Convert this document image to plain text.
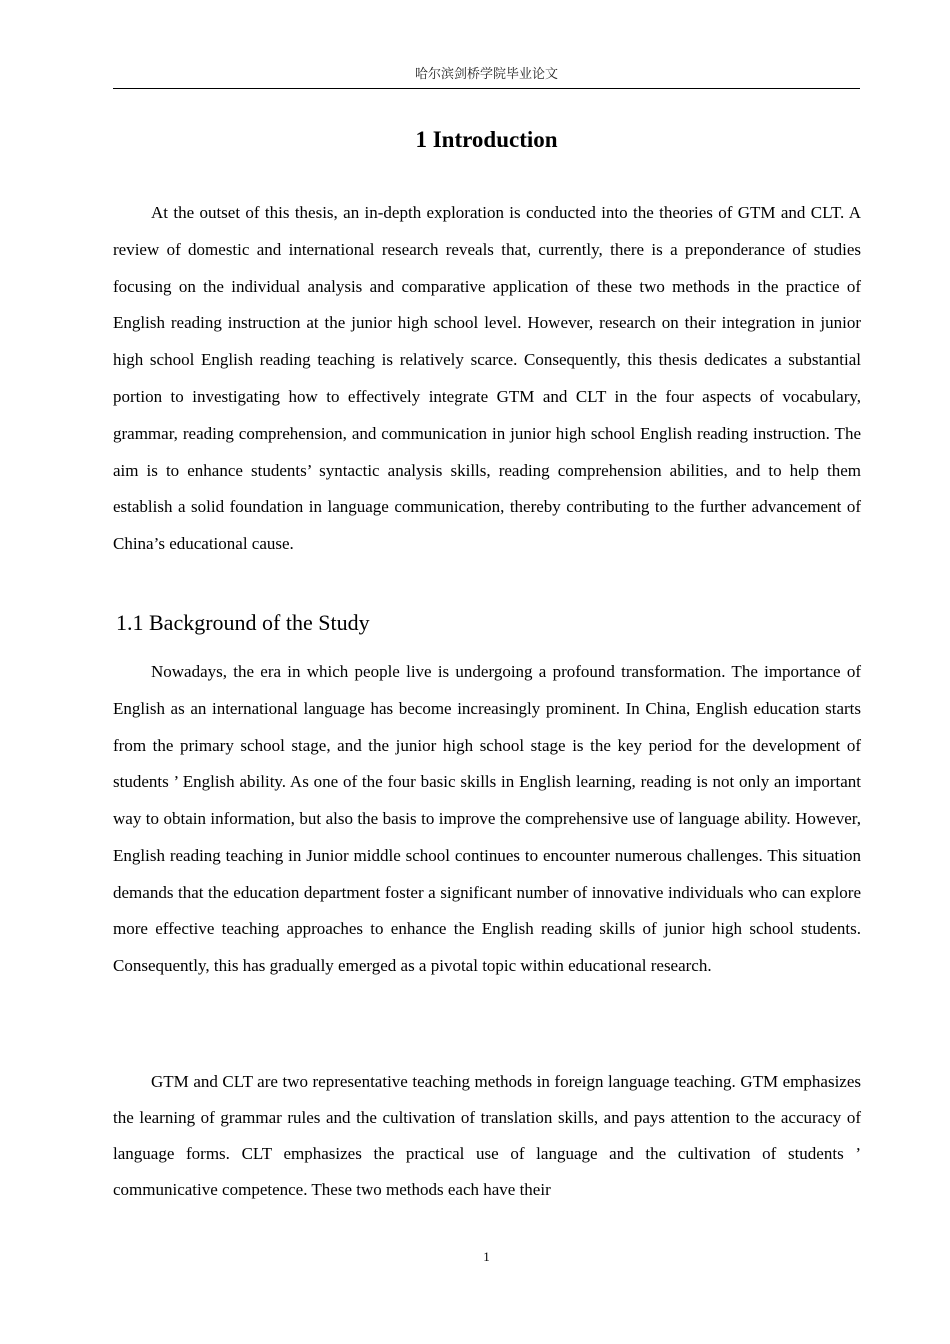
哈尔滨剑桥学院毕业论文
1 Introduction

At the outset of this thesis, an in-depth exploration is conducted into the theories of GTM and CLT. A review of domestic and international research reveals that, currently, there is a preponderance of studies focusing on the individual analysis and comparative application of these two methods in the practice of English reading instruction at the junior high school level. However, research on their integration in junior high school English reading teaching is relatively scarce. Consequently, this thesis dedicates a substantial portion to investigating how to effectively integrate GTM and CLT in the four aspects of vocabulary, grammar, reading comprehension, and communication in junior high school English reading instruction. The aim is to enhance students’ syntactic analysis skills, reading comprehension abilities, and to help them establish a solid foundation in language communication, thereby contributing to the further advancement of China’s educational cause.

1.1 Background of the Study

Nowadays, the era in which people live is undergoing a profound transformation. The importance of English as an international language has become increasingly prominent. In China, English education starts from the primary school stage, and the junior high school stage is the key period for the development of students ’ English ability. As one of the four basic skills in English learning, reading is not only an important way to obtain information, but also the basis to improve the comprehensive use of language ability. However, English reading teaching in Junior middle school continues to encounter numerous challenges. This situation demands that the education department foster a significant number of innovative individuals who can explore more effective teaching approaches to enhance the English reading skills of junior high school students. Consequently, this has gradually emerged as a pivotal topic within educational research.

GTM and CLT are two representative teaching methods in foreign language teaching. GTM emphasizes the learning of grammar rules and the cultivation of translation skills, and pays attention to the accuracy of language forms. CLT emphasizes the practical use of language and the cultivation of students ’ communicative competence. These two methods each have their

1
